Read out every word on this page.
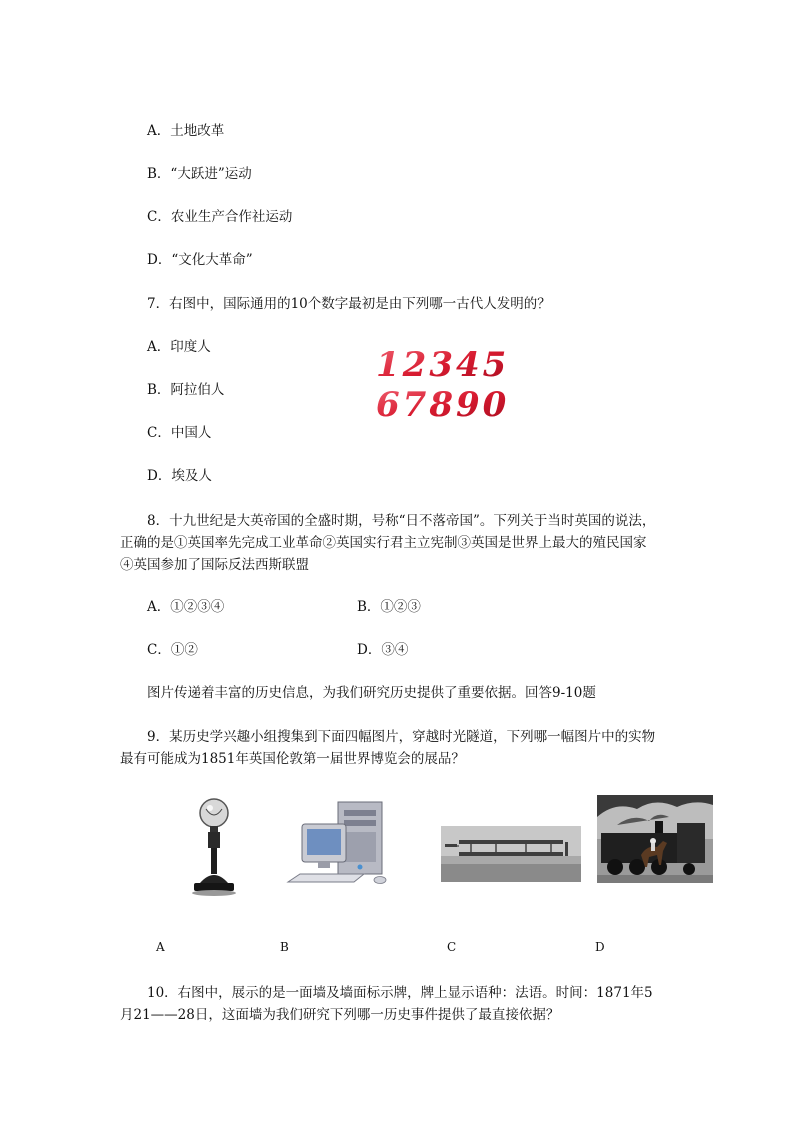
A．土地改革
B．“大跃进”运动
C．农业生产合作社运动
D．“文化大革命”
7．右图中，国际通用的10个数字最初是由下列哪一古代人发明的？
A．印度人
B．阿拉伯人
C．中国人
D．埃及人
12345
67890
8．十九世纪是大英帝国的全盛时期，号称“日不落帝国”。下列关于当时英国的说法，
正确的是①英国率先完成工业革命②英国实行君主立宪制③英国是世界上最大的殖民国家
④英国参加了国际反法西斯联盟
A．①②③④	B．①②③
C．①②	D．③④
图片传递着丰富的历史信息，为我们研究历史提供了重要依据。回答9-10题
9．某历史学兴趣小组搜集到下面四幅图片，穿越时光隧道，下列哪一幅图片中的实物
最有可能成为1851年英国伦敦第一届世界博览会的展品？
A	B	C	D
10．右图中，展示的是一面墙及墙面标示牌，牌上显示语种：法语。时间：1871年5
月21——28日，这面墙为我们研究下列哪一历史事件提供了最直接依据？
